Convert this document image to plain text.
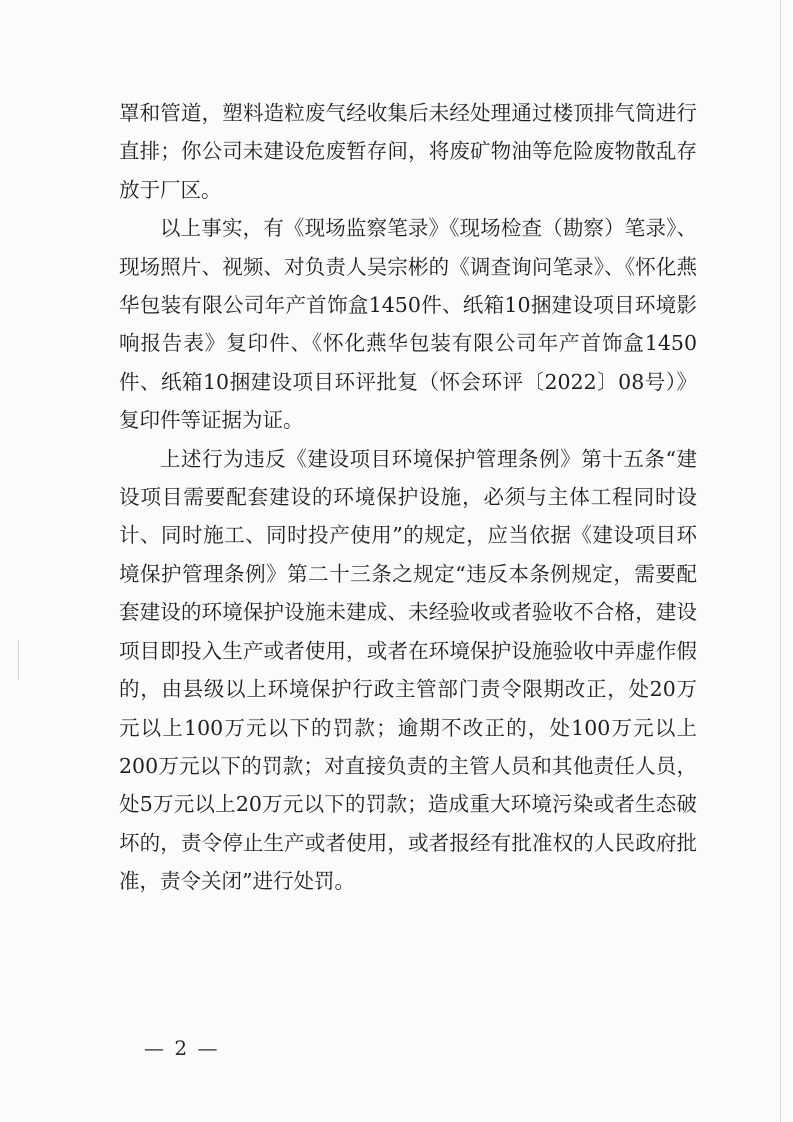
罩和管道，塑料造粒废气经收集后未经处理通过楼顶排气筒进行直排；你公司未建设危废暂存间，将废矿物油等危险废物散乱存放于厂区。

以上事实，有《现场监察笔录》《现场检查（勘察）笔录》、现场照片、视频、对负责人吴宗彬的《调查询问笔录》、《怀化燕华包装有限公司年产首饰盒1450件、纸箱10捆建设项目环境影响报告表》复印件、《怀化燕华包装有限公司年产首饰盒1450件、纸箱10捆建设项目环评批复（怀会环评〔2022〕08号）》复印件等证据为证。

上述行为违反《建设项目环境保护管理条例》第十五条“建设项目需要配套建设的环境保护设施，必须与主体工程同时设计、同时施工、同时投产使用”的规定，应当依据《建设项目环境保护管理条例》第二十三条之规定“违反本条例规定，需要配套建设的环境保护设施未建成、未经验收或者验收不合格，建设项目即投入生产或者使用，或者在环境保护设施验收中弄虚作假的，由县级以上环境保护行政主管部门责令限期改正，处20万元以上100万元以下的罚款；逾期不改正的，处100万元以上200万元以下的罚款；对直接负责的主管人员和其他责任人员，处5万元以上20万元以下的罚款；造成重大环境污染或者生态破坏的，责令停止生产或者使用，或者报经有批准权的人民政府批准，责令关闭”进行处罚。

— 2 —
